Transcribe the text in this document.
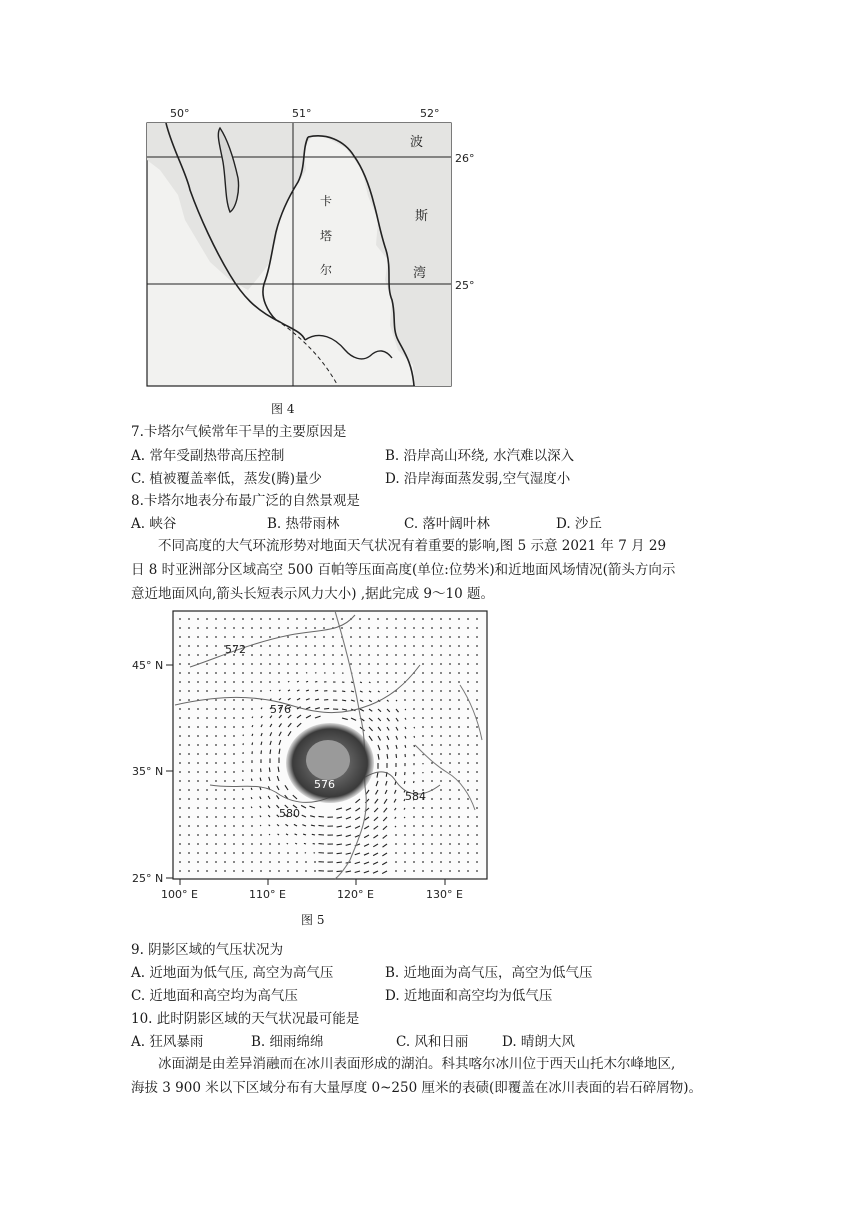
50°	51°	52°
波
斯
湾
卡
塔
尔
26°
25°
图 4
7.卡塔尔气候常年干旱的主要原因是
A. 常年受副热带高压控制	B. 沿岸高山环绕, 水汽难以深入
C. 植被覆盖率低，蒸发(腾)量少	D. 沿岸海面蒸发弱,空气湿度小
8.卡塔尔地表分布最广泛的自然景观是
A. 峡谷	B. 热带雨林	C. 落叶阔叶林	D. 沙丘
不同高度的大气环流形势对地面天气状况有着重要的影响,图 5 示意 2021 年 7 月 29
日 8 时亚洲部分区域高空 500 百帕等压面高度(单位:位势米)和近地面风场情况(箭头方向示
意近地面风向,箭头长短表示风力大小) ,据此完成 9～10 题。
572
576
576
580
584
45° N
35° N
25° N
100° E	110° E	120° E	130° E
图 5
9. 阴影区域的气压状况为
A. 近地面为低气压, 高空为高气压	B. 近地面为高气压，高空为低气压
C. 近地面和高空均为高气压	D. 近地面和高空均为低气压
10. 此时阴影区域的天气状况最可能是
A. 狂风暴雨	B. 细雨绵绵	C. 风和日丽 D. 晴朗大风
冰面湖是由差异消融而在冰川表面形成的湖泊。科其喀尔冰川位于西天山托木尔峰地区,
海拔 3 900 米以下区域分布有大量厚度 0~250 厘米的表碛(即覆盖在冰川表面的岩石碎屑物)。
